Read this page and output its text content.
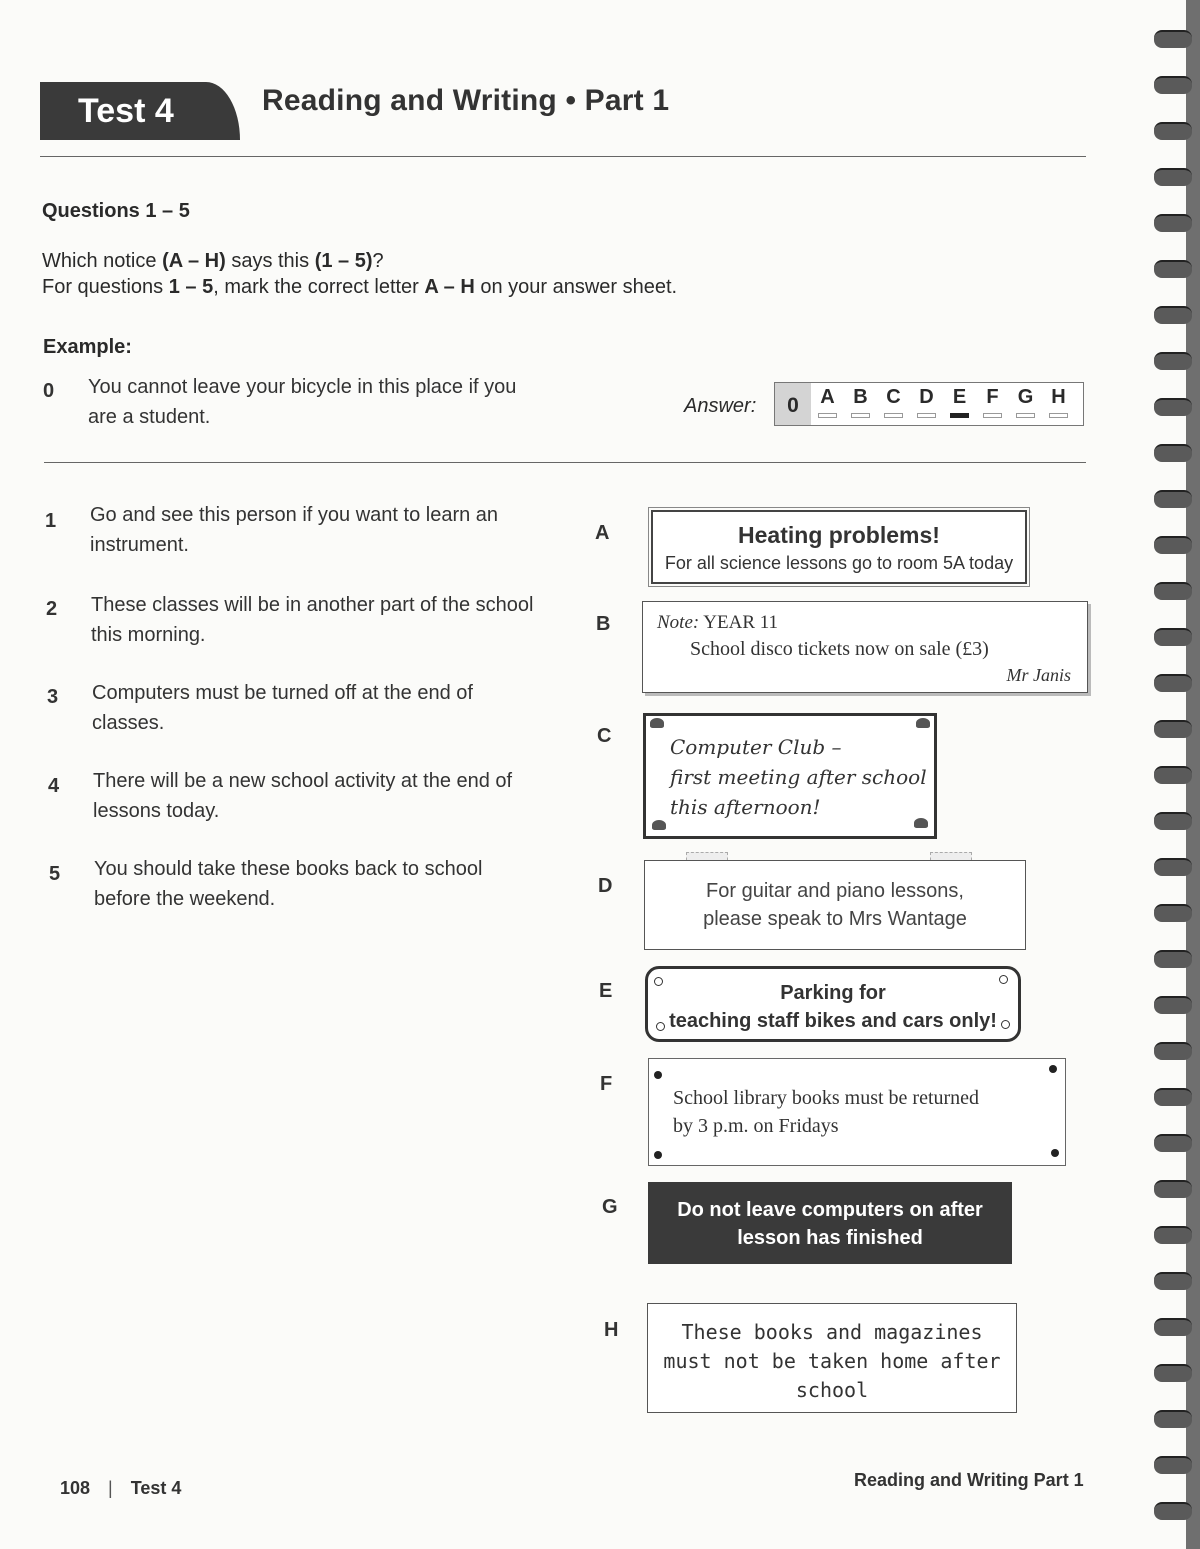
Test 4	Reading and Writing • Part 1
Questions 1 – 5
Which notice (A – H) says this (1 – 5)?
For questions 1 – 5, mark the correct letter A – H on your answer sheet.
Example:
0 You cannot leave your bicycle in this place if you are a student.	Answer:	0	A B C D E	F G H
1 Go and see this person if you want to learn an instrument.
2 These classes will be in another part of the school this morning.
3 Computers must be turned off at the end of classes.
4 There will be a new school activity at the end of lessons today.
5 You should take these books back to school before the weekend.
A
B
C
D
E
F
G
H
Heating problems!
For all science lessons go to room 5A today
Note: YEAR 11
School disco tickets now on sale (£3)
Mr Janis
Computer Club –
first meeting after school
this afternoon!
For guitar and piano lessons,
please speak to Mrs Wantage
Parking for
teaching staff bikes and cars only!
School library books must be returned
by 3 p.m. on Fridays
Do not leave computers on after
lesson has finished
These books and magazines
must not be taken home after
school
108 | Test 4	Reading and Writing Part 1
